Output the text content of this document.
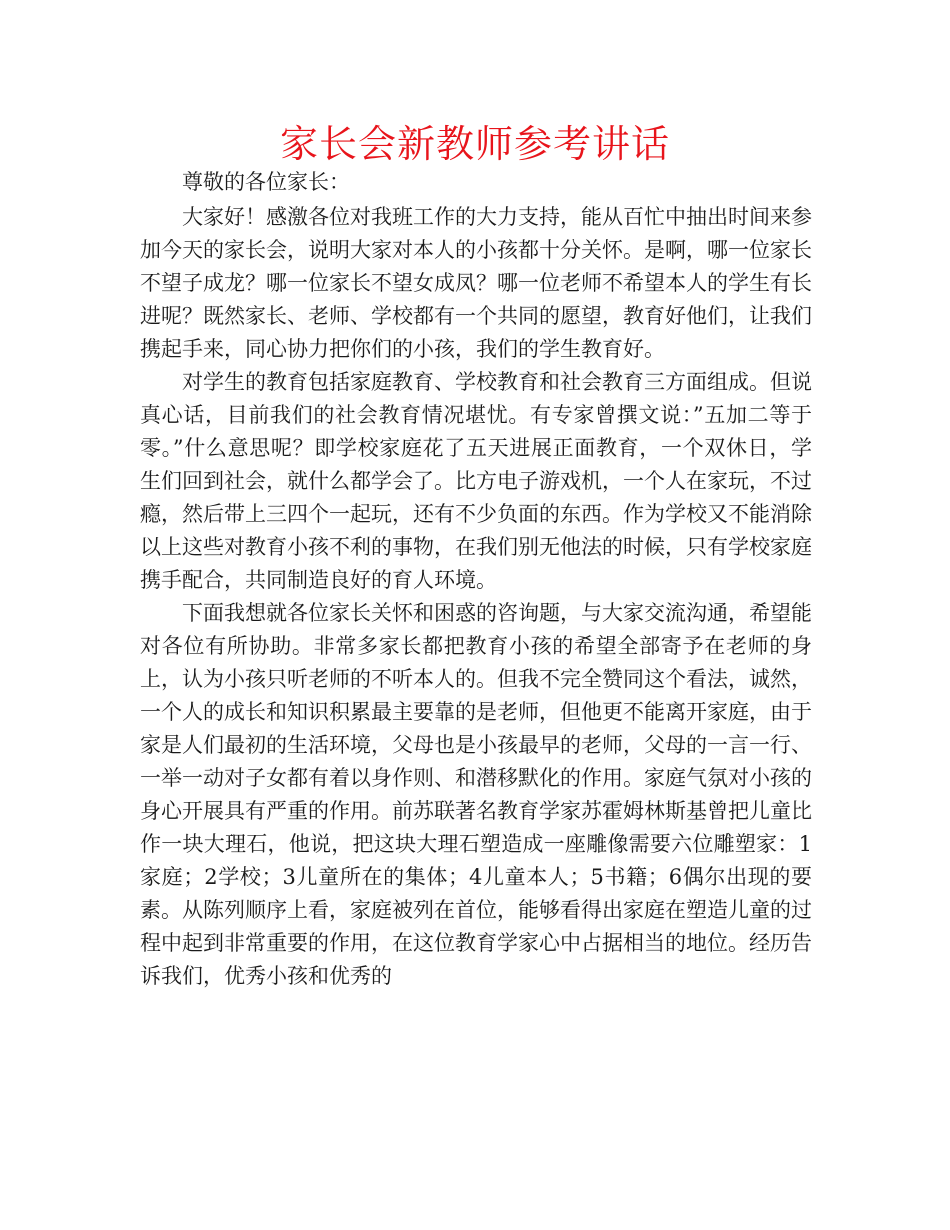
家长会新教师参考讲话

尊敬的各位家长：

大家好！感激各位对我班工作的大力支持，能从百忙中抽出时间来参加今天的家长会，说明大家对本人的小孩都十分关怀。是啊，哪一位家长不望子成龙？哪一位家长不望女成凤？哪一位老师不希望本人的学生有长进呢？既然家长、老师、学校都有一个共同的愿望，教育好他们，让我们携起手来，同心协力把你们的小孩，我们的学生教育好。

对学生的教育包括家庭教育、学校教育和社会教育三方面组成。但说真心话，目前我们的社会教育情况堪忧。有专家曾撰文说：”五加二等于零。”什么意思呢？即学校家庭花了五天进展正面教育，一个双休日，学生们回到社会，就什么都学会了。比方电子游戏机，一个人在家玩，不过瘾，然后带上三四个一起玩，还有不少负面的东西。作为学校又不能消除以上这些对教育小孩不利的事物，在我们别无他法的时候，只有学校家庭携手配合，共同制造良好的育人环境。

下面我想就各位家长关怀和困惑的咨询题，与大家交流沟通，希望能对各位有所协助。非常多家长都把教育小孩的希望全部寄予在老师的身上，认为小孩只听老师的不听本人的。但我不完全赞同这个看法，诚然，一个人的成长和知识积累最主要靠的是老师，但他更不能离开家庭，由于家是人们最初的生活环境，父母也是小孩最早的老师，父母的一言一行、一举一动对子女都有着以身作则、和潜移默化的作用。家庭气氛对小孩的身心开展具有严重的作用。前苏联著名教育学家苏霍姆林斯基曾把儿童比作一块大理石，他说，把这块大理石塑造成一座雕像需要六位雕塑家：1家庭；2学校；3儿童所在的集体；4儿童本人；5书籍；6偶尔出现的要素。从陈列顺序上看，家庭被列在首位，能够看得出家庭在塑造儿童的过程中起到非常重要的作用，在这位教育学家心中占据相当的地位。经历告诉我们，优秀小孩和优秀的
